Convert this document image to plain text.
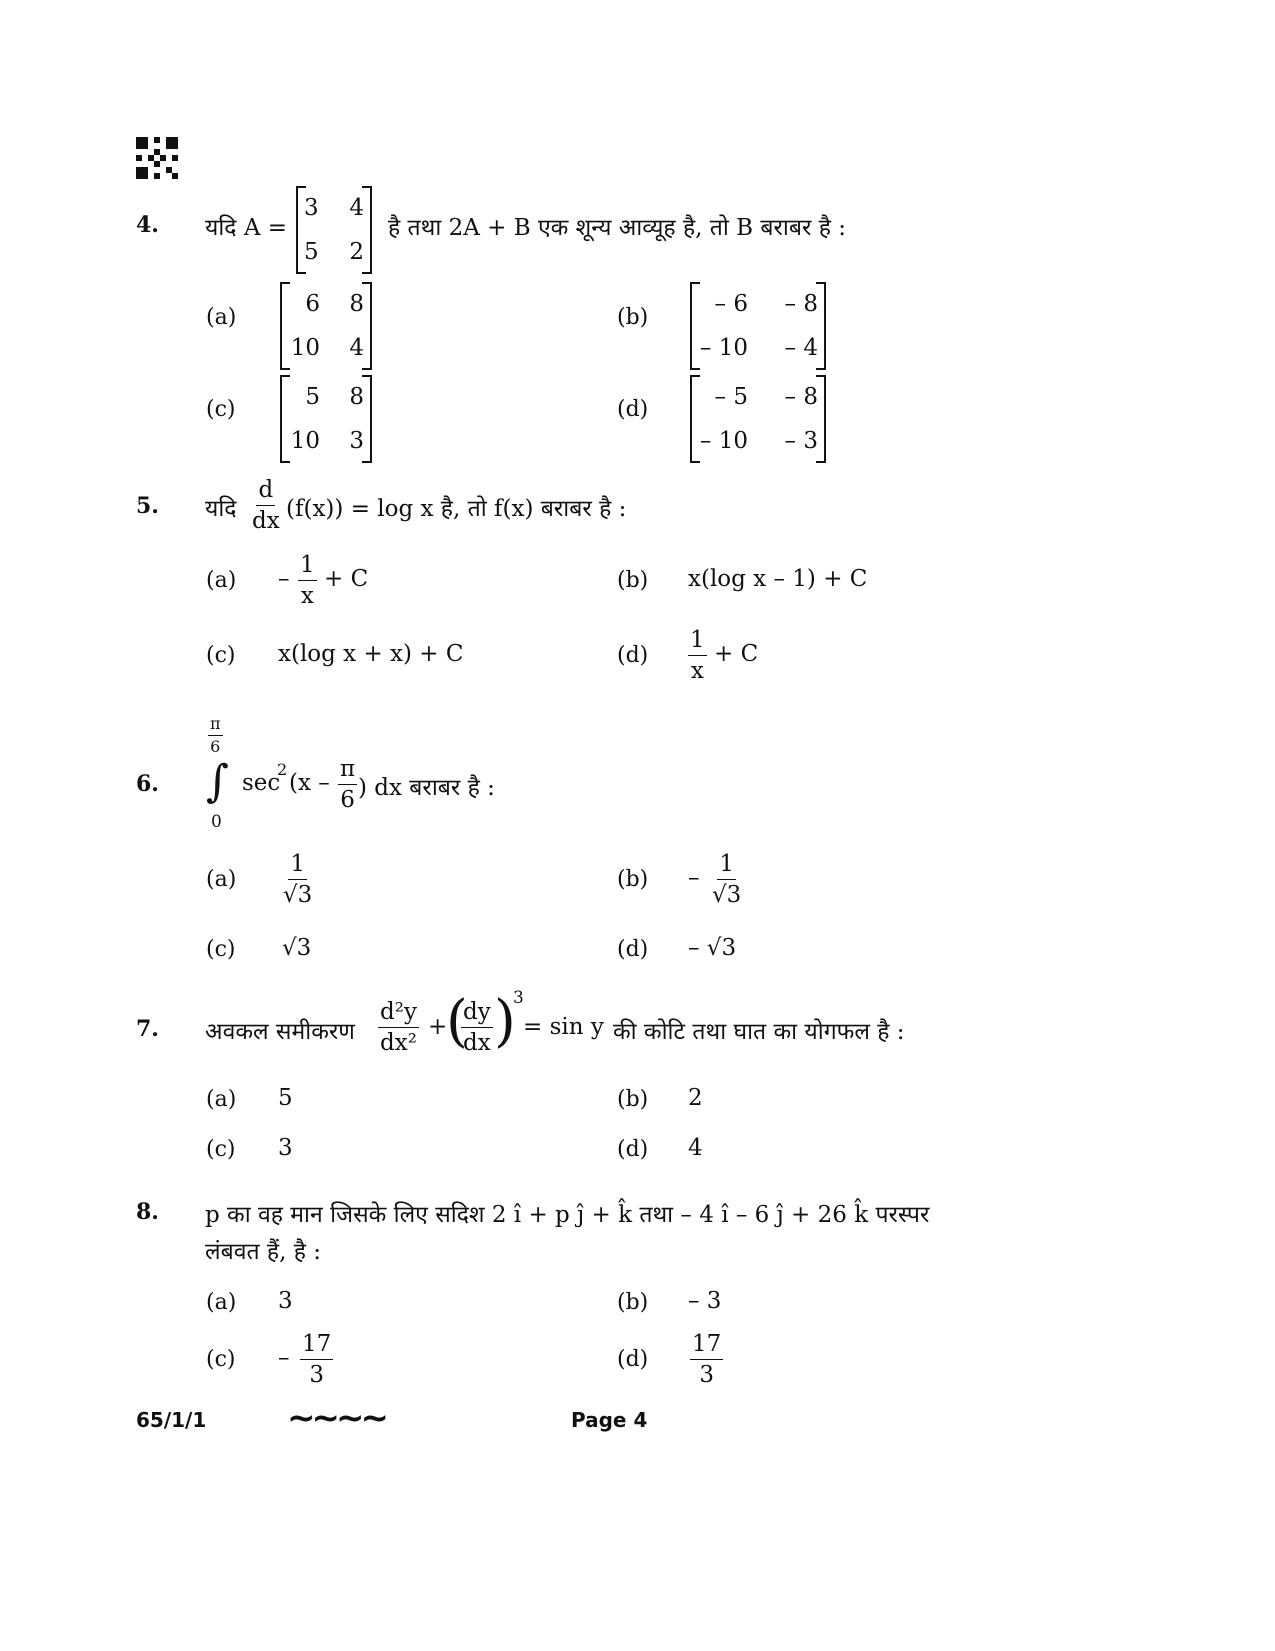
4. यदि A =
3	4
5	2
है तथा 2A + B एक शून्य आव्यूह है, तो B बराबर है :
(a)
6	8
10	4
(b)
– 6	– 8
– 10	– 4
(c)	5	8
10	3
(d)	– 5	– 8
– 10	– 3
5. यदि $\frac{d}{dx} (f(x)) = \log x$ है, तो f(x) बराबर है :
$(a) - \frac{1}{x} + C$	(b) x(log x – 1) + C
(c) x(log x + x) + C	$(d) \frac{1}{x} + C$
6.
$\frac{\pi}{6}$
∫
0
sec
2
($x - \frac{\pi}{6}$ ) dx बराबर है :
$(a) \frac{1}{√3}$	$(b) - \frac{1}{√3}$
(c) √3	(d) – √3
7. अवकल समीकरण $\frac{\text{d²y}}{\text{dx²}}$ +
(
$\frac{dy}{dx}$ )
3
= sin y की कोटि तथा घात का योगफल है :
(a) 5	(b) 2
(c) 3	(d) 4
8. p का वह मान जिसके लिए सदिश 2 î + p ĵ + k̂ तथा – 4 î – 6 ĵ + 26 k̂ परस्पर
लंबवत हैं, है :
(a) 3	(b) – 3
$(c) - \frac{17}{3}$	$(d) \frac{17}{3}$
65/1/1 ~~~~	Page 4
